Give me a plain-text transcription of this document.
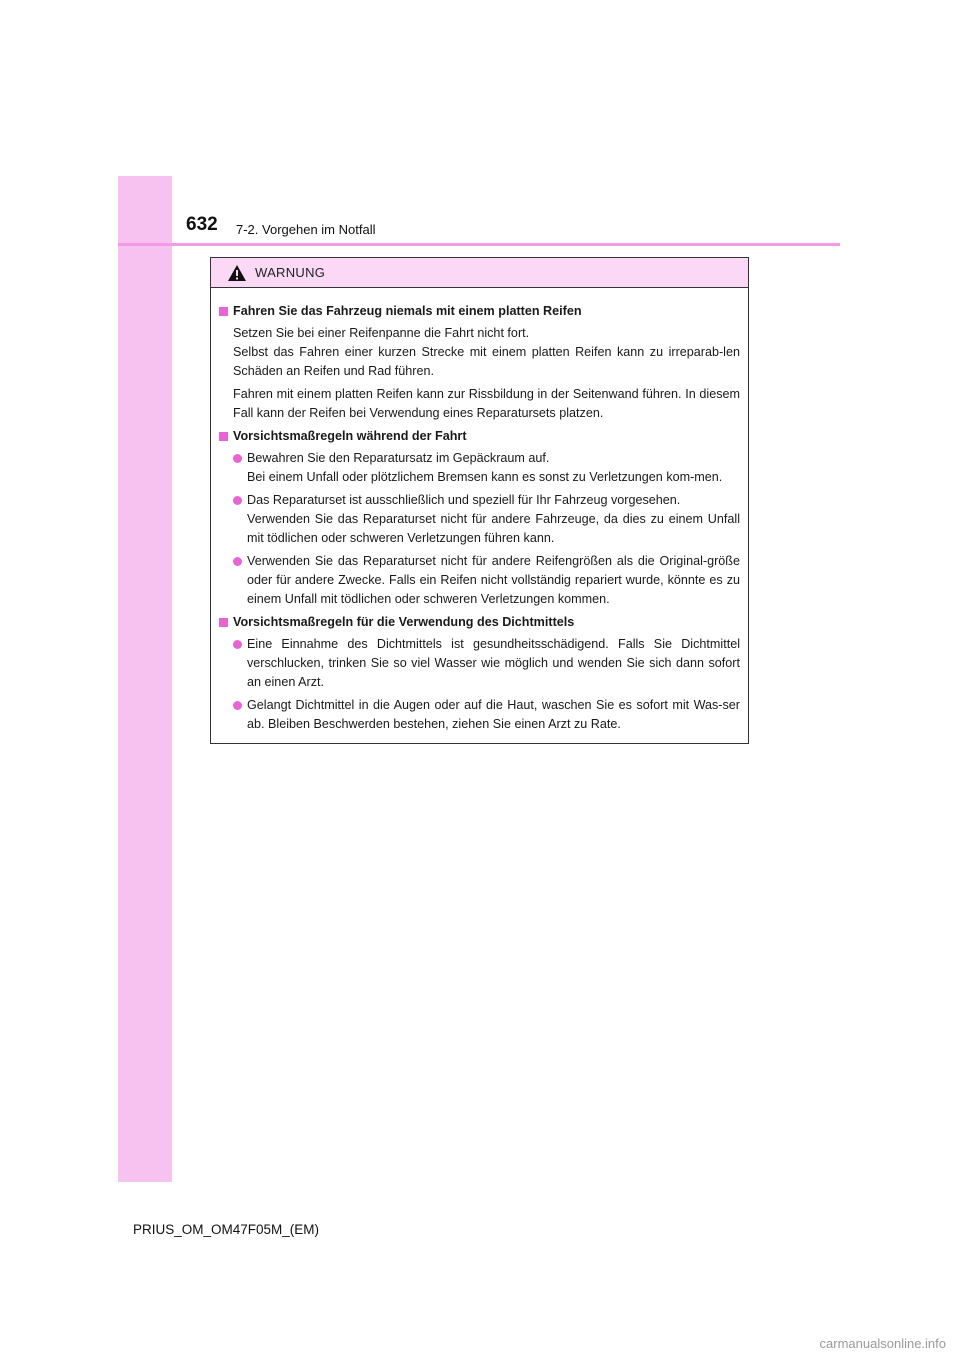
632 7-2. Vorgehen im Notfall
WARNUNG
Fahren Sie das Fahrzeug niemals mit einem platten Reifen
Setzen Sie bei einer Reifenpanne die Fahrt nicht fort.
Selbst das Fahren einer kurzen Strecke mit einem platten Reifen kann zu irreparab-len Schäden an Reifen und Rad führen.
Fahren mit einem platten Reifen kann zur Rissbildung in der Seitenwand führen. In diesem Fall kann der Reifen bei Verwendung eines Reparatursets platzen.
Vorsichtsmaßregeln während der Fahrt
Bewahren Sie den Reparatursatz im Gepäckraum auf.
Bei einem Unfall oder plötzlichem Bremsen kann es sonst zu Verletzungen kom-men.
Das Reparaturset ist ausschließlich und speziell für Ihr Fahrzeug vorgesehen.
Verwenden Sie das Reparaturset nicht für andere Fahrzeuge, da dies zu einem Unfall mit tödlichen oder schweren Verletzungen führen kann.
Verwenden Sie das Reparaturset nicht für andere Reifengrößen als die Original-größe oder für andere Zwecke. Falls ein Reifen nicht vollständig repariert wurde, könnte es zu einem Unfall mit tödlichen oder schweren Verletzungen kommen.
Vorsichtsmaßregeln für die Verwendung des Dichtmittels
Eine Einnahme des Dichtmittels ist gesundheitsschädigend. Falls Sie Dichtmittel verschlucken, trinken Sie so viel Wasser wie möglich und wenden Sie sich dann sofort an einen Arzt.
Gelangt Dichtmittel in die Augen oder auf die Haut, waschen Sie es sofort mit Was-ser ab. Bleiben Beschwerden bestehen, ziehen Sie einen Arzt zu Rate.
PRIUS_OM_OM47F05M_(EM)
carmanualsonline.info
